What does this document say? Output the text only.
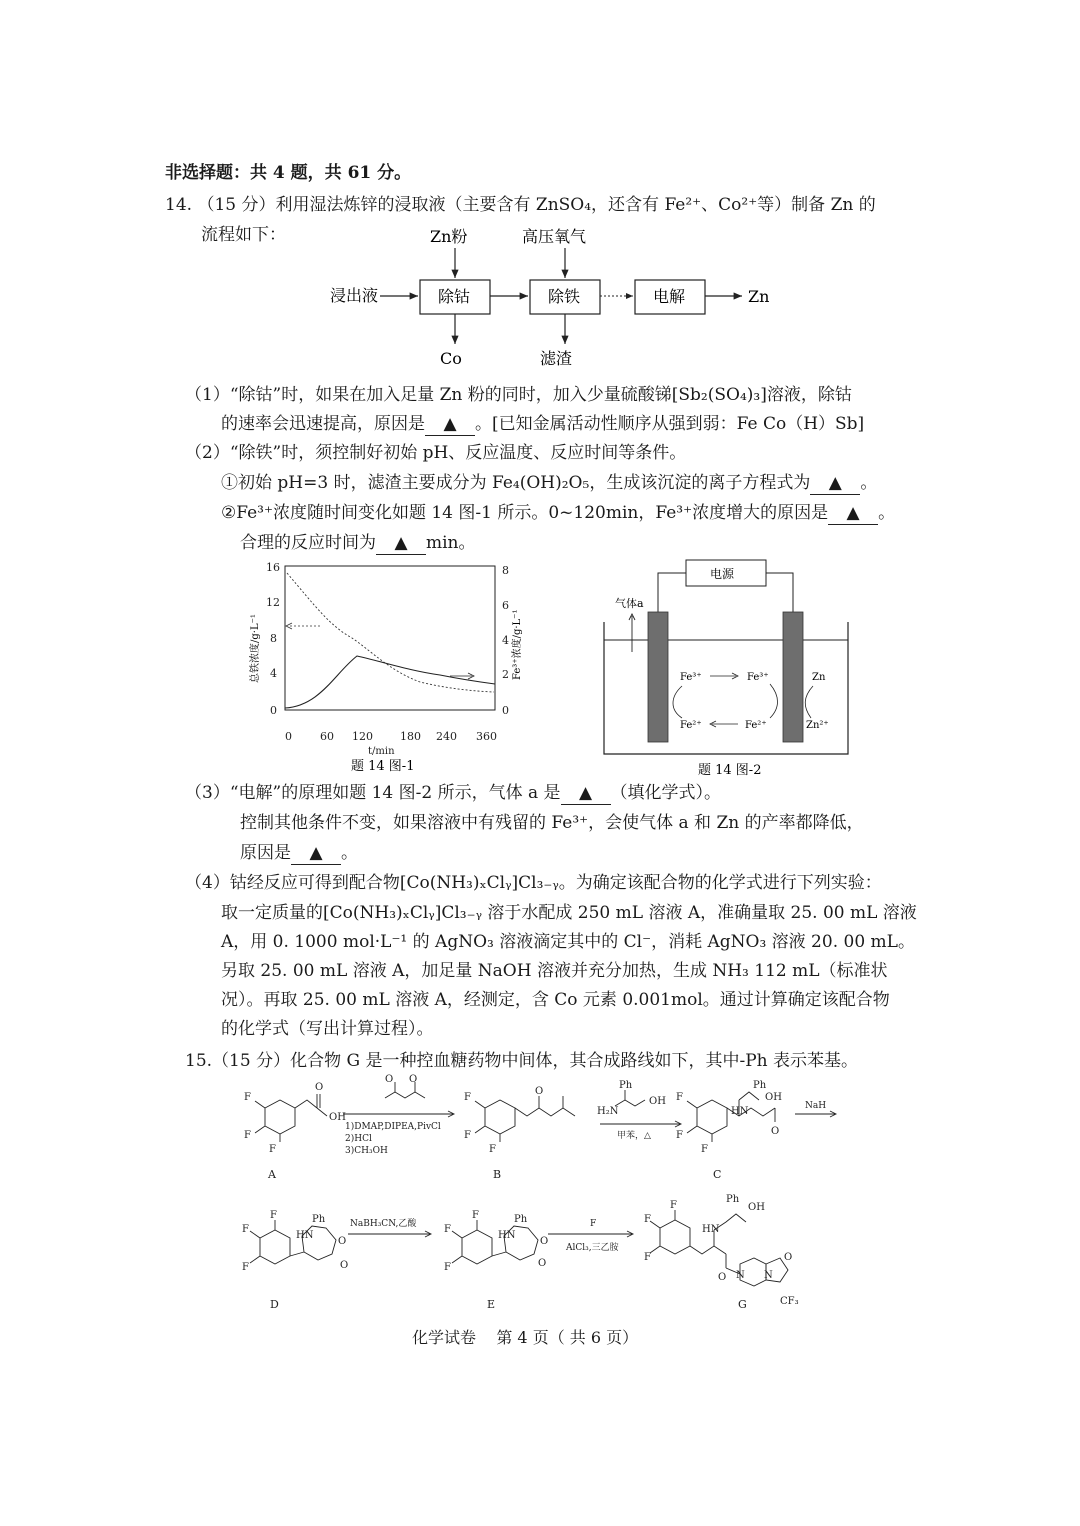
非选择题：共 4 题，共 61 分。
14. （15 分）利用湿法炼锌的浸取液（主要含有 ZnSO₄，还含有 Fe²⁺、Co²⁺等）制备 Zn 的
流程如下：
浸出液	除钴	除铁	电解	Zn
Zn粉	高压氧气
Co	滤渣
（1）“除钴”时，如果在加入足量 Zn 粉的同时，加入少量硫酸锑[Sb₂(SO₄)₃]溶液，除钴
的速率会迅速提高，原因是 ▲ 。[已知金属活动性顺序从强到弱：Fe Co（H）Sb]
（2）“除铁”时，须控制好初始 pH、反应温度、反应时间等条件。
①初始 pH=3 时，滤渣主要成分为 Fe₄(OH)₂O₅，生成该沉淀的离子方程式为 ▲ 。
②Fe³⁺浓度随时间变化如题 14 图-1 所示。0~120min，Fe³⁺浓度增大的原因是 ▲ 。
合理的反应时间为 ▲ min。
16
12
8
4
0
8
6
4
2
0
0	60 120 180 240 360
t/min
总铁浓度/g·L⁻¹	Fe³⁺浓度/g·L⁻¹
题 14 图-1
电源
气体a
Fe³⁺
Fe²⁺
Fe³⁺
Fe²⁺
Zn
Zn²⁺
题 14 图-2
（3）“电解”的原理如题 14 图-2 所示，气体 a 是 ▲ （填化学式）。
控制其他条件不变，如果溶液中有残留的 Fe³⁺，会使气体 a 和 Zn 的产率都降低，
原因是 ▲ 。
（4）钴经反应可得到配合物[Co(NH₃)ₓClᵧ]Cl₃₋ᵧ。为确定该配合物的化学式进行下列实验：
取一定质量的[Co(NH₃)ₓClᵧ]Cl₃₋ᵧ 溶于水配成 250 mL 溶液 A，准确量取 25. 00 mL 溶液
A，用 0. 1000 mol·L⁻¹ 的 AgNO₃ 溶液滴定其中的 Cl⁻，消耗 AgNO₃ 溶液 20. 00 mL。
另取 25. 00 mL 溶液 A，加足量 NaOH 溶液并充分加热，生成 NH₃ 112 mL（标准状
况）。再取 25. 00 mL 溶液 A，经测定，含 Co 元素 0.001mol。通过计算确定该配合物
的化学式（写出计算过程）。
15.（15 分）化合物 G 是一种控血糖药物中间体，其合成路线如下，其中-Ph 表示苯基。
F
F
F
O
OH
O O
F
F
F
O
Ph
H₂N
OH F
F
F
HN
Ph
OH
O
1)DMAP,DIPEA,PivCl
2)HCl
3)CH₃OH
甲苯，△
NaH
A	B	C
F
F
F
HN
Ph
O
O
F
F
F
HN
Ph
O
O
F
F
F
HN
Ph
OH
O N N
O
CF₃
NaBH₃CN,乙酸	F
AlCl₃,三乙胺
D	E	G
化学试卷    第 4 页（ 共 6 页）
